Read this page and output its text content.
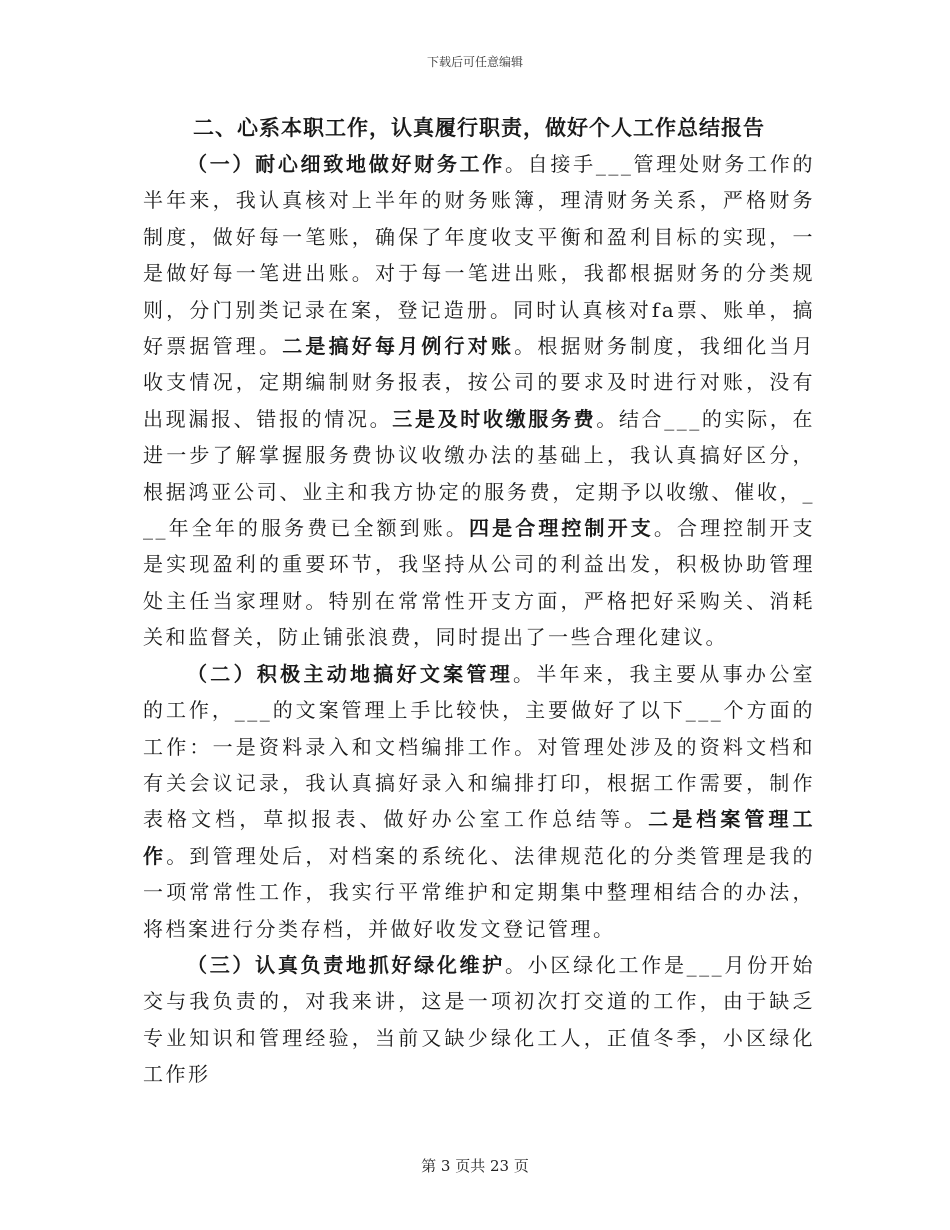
下载后可任意编辑

二、心系本职工作，认真履行职责，做好个人工作总结报告

（一）耐心细致地做好财务工作。自接手___管理处财务工作的半年来，我认真核对上半年的财务账簿，理清财务关系，严格财务制度，做好每一笔账，确保了年度收支平衡和盈利目标的实现，一是做好每一笔进出账。对于每一笔进出账，我都根据财务的分类规则，分门别类记录在案，登记造册。同时认真核对fa票、账单，搞好票据管理。二是搞好每月例行对账。根据财务制度，我细化当月收支情况，定期编制财务报表，按公司的要求及时进行对账，没有出现漏报、错报的情况。三是及时收缴服务费。结合___的实际，在进一步了解掌握服务费协议收缴办法的基础上，我认真搞好区分，根据鸿亚公司、业主和我方协定的服务费，定期予以收缴、催收，___年全年的服务费已全额到账。四是合理控制开支。合理控制开支是实现盈利的重要环节，我坚持从公司的利益出发，积极协助管理处主任当家理财。特别在常常性开支方面，严格把好采购关、消耗关和监督关，防止铺张浪费，同时提出了一些合理化建议。

（二）积极主动地搞好文案管理。半年来，我主要从事办公室的工作，___的文案管理上手比较快，主要做好了以下___个方面的工作：一是资料录入和文档编排工作。对管理处涉及的资料文档和有关会议记录，我认真搞好录入和编排打印，根据工作需要，制作表格文档，草拟报表、做好办公室工作总结等。二是档案管理工作。到管理处后，对档案的系统化、法律规范化的分类管理是我的一项常常性工作，我实行平常维护和定期集中整理相结合的办法，将档案进行分类存档，并做好收发文登记管理。

（三）认真负责地抓好绿化维护。小区绿化工作是___月份开始交与我负责的，对我来讲，这是一项初次打交道的工作，由于缺乏专业知识和管理经验，当前又缺少绿化工人，正值冬季，小区绿化工作形

第 3 页共 23 页
